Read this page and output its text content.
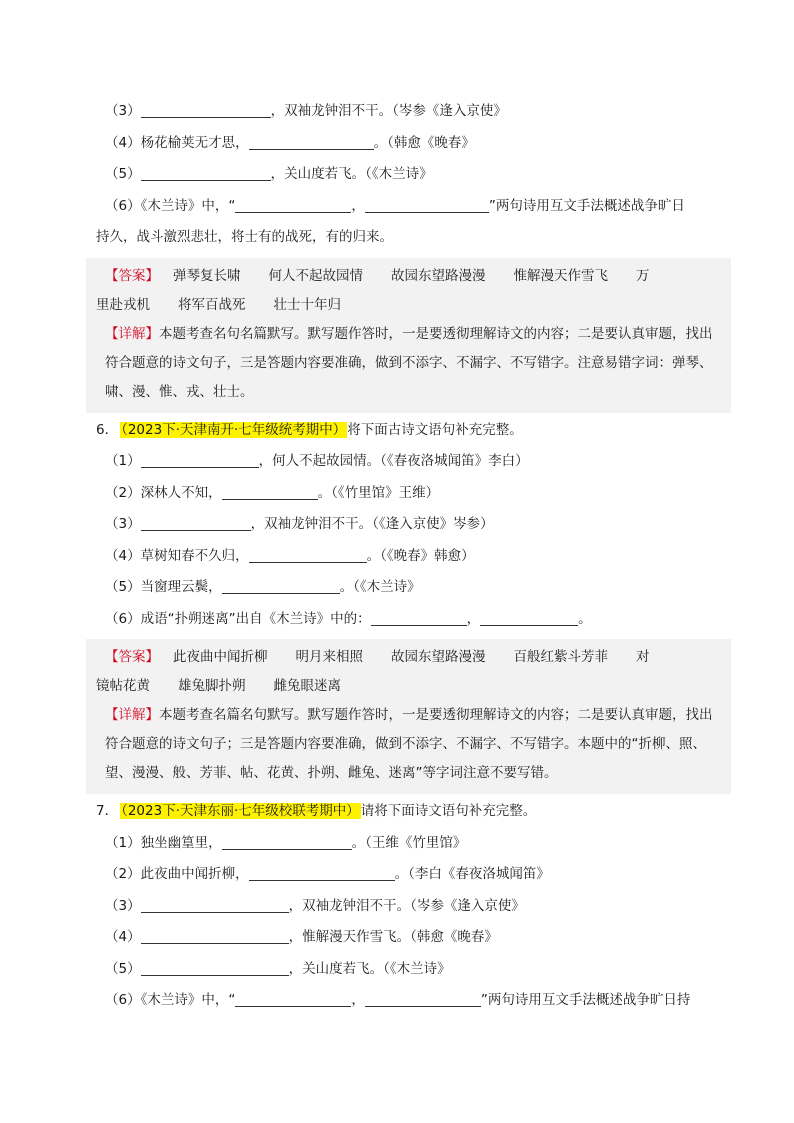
（3）	，双袖龙钟泪不干。（岑参《逢入京使》
（4）杨花榆荚无才思，	。（韩愈《晚春》
（5）	，关山度若飞。（《木兰诗》
（6）《木兰诗》中，“	，	”两句诗用互文手法概述战争旷日
持久，战斗激烈悲壮，将士有的战死，有的归来。
【答案】 弹琴复长啸 何人不起故园情 故园东望路漫漫 惟解漫天作雪飞 万
里赴戎机 将军百战死 壮士十年归
【详解】本题考查名句名篇默写。默写题作答时，一是要透彻理解诗文的内容；二是要认真审题，找出符合题意的诗文句子，三是答题内容要准确，做到不添字、不漏字、不写错字。注意易错字词：弹琴、啸、漫、惟、戎、壮士。
6． （2023下·天津南开·七年级统考期中）将下面古诗文语句补充完整。
（1）	，何人不起故园情。（《春夜洛城闻笛》李白）
（2）深林人不知，	。（《竹里馆》王维）
（3）	，双袖龙钟泪不干。（《逢入京使》岑参）
（4）草树知春不久归，	。（《晚春》韩愈）
（5）当窗理云鬓，	。（《木兰诗》
（6）成语“扑朔迷离”出自《木兰诗》中的：	，	。
【答案】 此夜曲中闻折柳 明月来相照 故园东望路漫漫 百般红紫斗芳菲 对
镜帖花黄 雄兔脚扑朔 雌兔眼迷离
【详解】本题考查名篇名句默写。默写题作答时，一是要透彻理解诗文的内容；二是要认真审题，找出符合题意的诗文句子；三是答题内容要准确，做到不添字、不漏字、不写错字。本题中的“折柳、照、望、漫漫、般、芳菲、帖、花黄、扑朔、雌兔、迷离”等字词注意不要写错。
7． （2023下·天津东丽·七年级校联考期中）请将下面诗文语句补充完整。
（1）独坐幽篁里，	。（王维《竹里馆》
（2）此夜曲中闻折柳，	。（李白《春夜洛城闻笛》
（3）	，双袖龙钟泪不干。（岑参《逢入京使》
（4）	，惟解漫天作雪飞。（韩愈《晚春》
（5）	，关山度若飞。（《木兰诗》
（6）《木兰诗》中，“	，	”两句诗用互文手法概述战争旷日持
